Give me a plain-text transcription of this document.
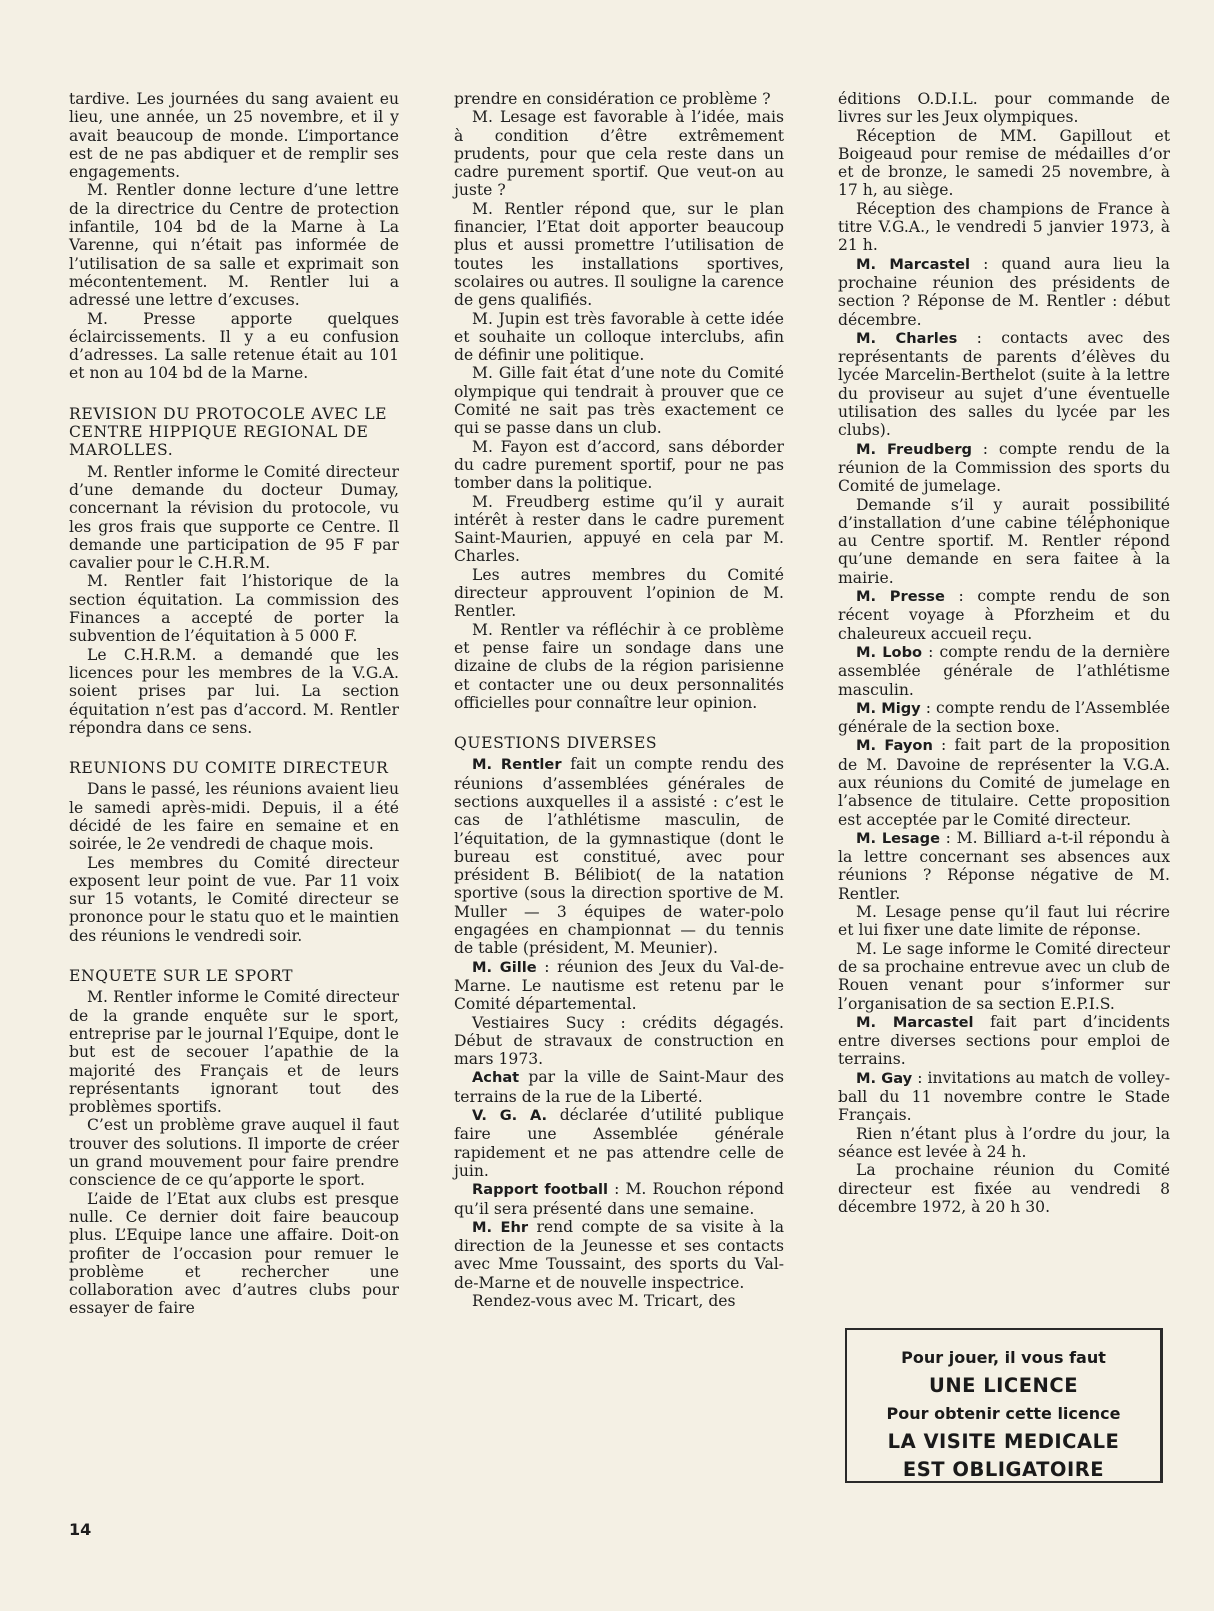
tardive. Les journées du sang avaient eu lieu, une année, un 25 novembre, et il y avait beaucoup de monde. L’importance est de ne pas abdiquer et de remplir ses engagements.

M. Rentler donne lecture d’une lettre de la directrice du Centre de protection infantile, 104 bd de la Marne à La Varenne, qui n’était pas informée de l’utilisation de sa salle et exprimait son mécontentement. M. Rentler lui a adressé une lettre d’excuses.

M. Presse apporte quelques éclaircissements. Il y a eu confusion d’adresses. La salle retenue était au 101 et non au 104 bd de la Marne.

REVISION DU PROTOCOLE AVEC LE CENTRE HIPPIQUE REGIONAL DE MAROLLES.

M. Rentler informe le Comité directeur d’une demande du docteur Dumay, concernant la révision du protocole, vu les gros frais que supporte ce Centre. Il demande une participation de 95 F par cavalier pour le C.H.R.M.

M. Rentler fait l’historique de la section équitation. La commission des Finances a accepté de porter la subvention de l’équitation à 5 000 F.

Le C.H.R.M. a demandé que les licences pour les membres de la V.G.A. soient prises par lui. La section équitation n’est pas d’accord. M. Rentler répondra dans ce sens.

REUNIONS DU COMITE DIRECTEUR

Dans le passé, les réunions avaient lieu le samedi après-midi. Depuis, il a été décidé de les faire en semaine et en soirée, le 2e vendredi de chaque mois.

Les membres du Comité directeur exposent leur point de vue. Par 11 voix sur 15 votants, le Comité directeur se prononce pour le statu quo et le maintien des réunions le vendredi soir.

ENQUETE SUR LE SPORT

M. Rentler informe le Comité directeur de la grande enquête sur le sport, entreprise par le journal l’Equipe, dont le but est de secouer l’apathie de la majorité des Français et de leurs représentants ignorant tout des problèmes sportifs.

C’est un problème grave auquel il faut trouver des solutions. Il importe de créer un grand mouvement pour faire prendre conscience de ce qu’apporte le sport.

L’aide de l’Etat aux clubs est presque nulle. Ce dernier doit faire beaucoup plus. L’Equipe lance une affaire. Doit-on profiter de l’occasion pour remuer le problème et rechercher une collaboration avec d’autres clubs pour essayer de faire

prendre en considération ce problème ?

M. Lesage est favorable à l’idée, mais à condition d’être extrêmement prudents, pour que cela reste dans un cadre purement sportif. Que veut-on au juste ?

M. Rentler répond que, sur le plan financier, l’Etat doit apporter beaucoup plus et aussi promettre l’utilisation de toutes les installations sportives, scolaires ou autres. Il souligne la carence de gens qualifiés.

M. Jupin est très favorable à cette idée et souhaite un colloque interclubs, afin de définir une politique.

M. Gille fait état d’une note du Comité olympique qui tendrait à prouver que ce Comité ne sait pas très exactement ce qui se passe dans un club.

M. Fayon est d’accord, sans déborder du cadre purement sportif, pour ne pas tomber dans la politique.

M. Freudberg estime qu’il y aurait intérêt à rester dans le cadre purement Saint-Maurien, appuyé en cela par M. Charles.

Les autres membres du Comité directeur approuvent l’opinion de M. Rentler.

M. Rentler va réfléchir à ce problème et pense faire un sondage dans une dizaine de clubs de la région parisienne et contacter une ou deux personnalités officielles pour connaître leur opinion.

QUESTIONS DIVERSES

M. Rentler fait un compte rendu des réunions d’assemblées générales de sections auxquelles il a assisté : c’est le cas de l’athlétisme masculin, de l’équitation, de la gymnastique (dont le bureau est constitué, avec pour président B. Bélibiot( de la natation sportive (sous la direction sportive de M. Muller — 3 équipes de water-polo engagées en championnat — du tennis de table (président, M. Meunier).

M. Gille : réunion des Jeux du Val-de-Marne. Le nautisme est retenu par le Comité départemental.

Vestiaires Sucy : crédits dégagés. Début de stravaux de construction en mars 1973.

Achat par la ville de Saint-Maur des terrains de la rue de la Liberté.

V. G. A. déclarée d’utilité publique faire une Assemblée générale rapidement et ne pas attendre celle de juin.

Rapport football : M. Rouchon répond qu’il sera présenté dans une semaine.

M. Ehr rend compte de sa visite à la direction de la Jeunesse et ses contacts avec Mme Toussaint, des sports du Val-de-Marne et de nouvelle inspectrice.

Rendez-vous avec M. Tricart, des

éditions O.D.I.L. pour commande de livres sur les Jeux olympiques.

Réception de MM. Gapillout et Boigeaud pour remise de médailles d’or et de bronze, le samedi 25 novembre, à 17 h, au siège.

Réception des champions de France à titre V.G.A., le vendredi 5 janvier 1973, à 21 h.

M. Marcastel : quand aura lieu la prochaine réunion des présidents de section ? Réponse de M. Rentler : début décembre.

M. Charles : contacts avec des représentants de parents d’élèves du lycée Marcelin-Berthelot (suite à la lettre du proviseur au sujet d’une éventuelle utilisation des salles du lycée par les clubs).

M. Freudberg : compte rendu de la réunion de la Commission des sports du Comité de jumelage.

Demande s’il y aurait possibilité d’installation d’une cabine téléphonique au Centre sportif. M. Rentler répond qu’une demande en sera faitee à la mairie.

M. Presse : compte rendu de son récent voyage à Pforzheim et du chaleureux accueil reçu.

M. Lobo : compte rendu de la dernière assemblée générale de l’athlétisme masculin.

M. Migy : compte rendu de l’Assemblée générale de la section boxe.

M. Fayon : fait part de la proposition de M. Davoine de représenter la V.G.A. aux réunions du Comité de jumelage en l’absence de titulaire. Cette proposition est acceptée par le Comité directeur.

M. Lesage : M. Billiard a-t-il répondu à la lettre concernant ses absences aux réunions ? Réponse négative de M. Rentler.

M. Lesage pense qu’il faut lui récrire et lui fixer une date limite de réponse.

M. Le sage informe le Comité directeur de sa prochaine entrevue avec un club de Rouen venant pour s’informer sur l’organisation de sa section E.P.I.S.

M. Marcastel fait part d’incidents entre diverses sections pour emploi de terrains.

M. Gay : invitations au match de volley-ball du 11 novembre contre le Stade Français.

Rien n’étant plus à l’ordre du jour, la séance est levée à 24 h.

La prochaine réunion du Comité directeur est fixée au vendredi 8 décembre 1972, à 20 h 30.

Pour jouer, il vous faut
UNE LICENCE
Pour obtenir cette licence
LA VISITE MEDICALE
EST OBLIGATOIRE
14
